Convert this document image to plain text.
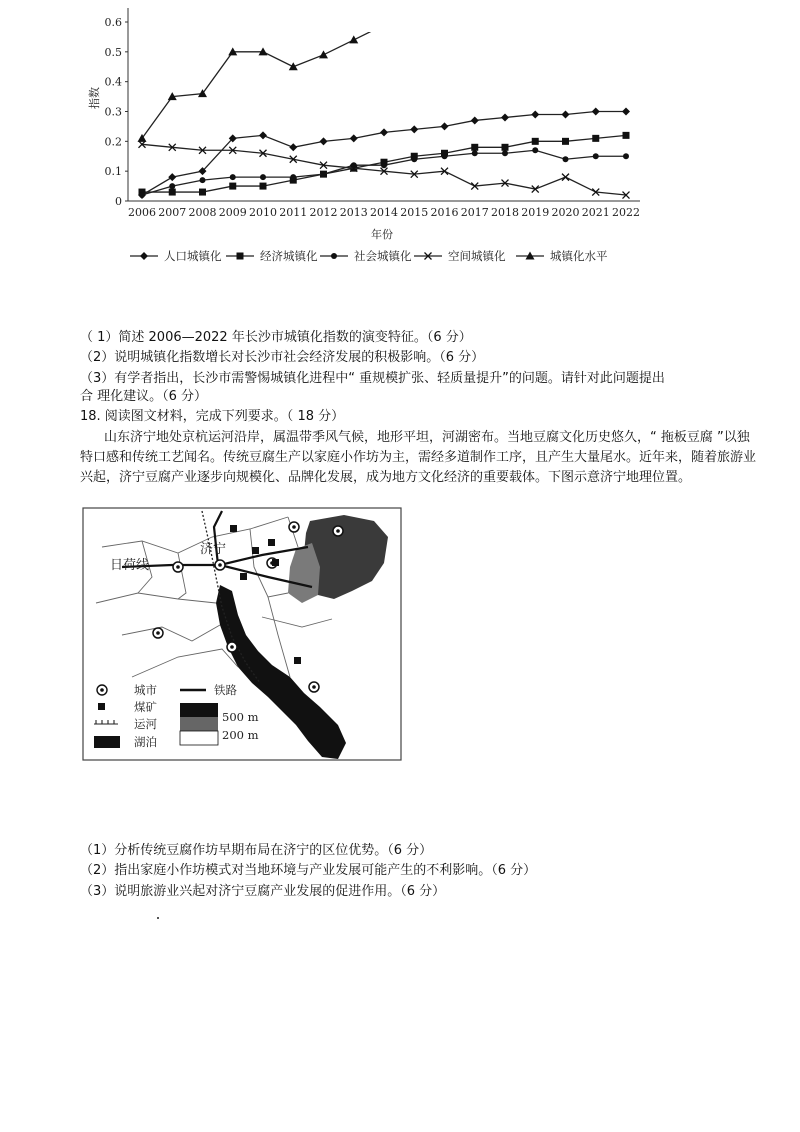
0
0.1
0.2
0.3
0.4
0.5
0.6
2006 2007 2008 2009 2010 2011 2012 2013 2014 2015 2016 2017 2018 2019 2020 2021 2022
指数
年份
人口城镇化	经济城镇化	社会城镇化	空间城镇化	城镇化水平
（ 1）简述 2006—2022 年长沙市城镇化指数的演变特征。（6 分）
（2）说明城镇化指数增长对长沙市社会经济发展的积极影响。（6 分）
（3）有学者指出，长沙市需警惕城镇化进程中“ 重规模扩张、轻质量提升”的问题。请针对此问题提出
合 理化建议。（6 分）
18. 阅读图文材料，完成下列要求。（ 18 分）

山东济宁地处京杭运河沿岸，属温带季风气候，地形平坦，河湖密布。当地豆腐文化历史悠久，“ 拖板豆腐 ”以独特口感和传统工艺闻名。传统豆腐生产以家庭小作坊为主，需经多道制作工序，且产生大量尾水。近年来，随着旅游业兴起，济宁豆腐产业逐步向规模化、品牌化发展，成为地方文化经济的重要载体。下图示意济宁地理位置。

济宁
日荷线
城市
煤矿
运河
湖泊
铁路
500 m
200 m
（1）分析传统豆腐作坊早期布局在济宁的区位优势。（6 分）
（2）指出家庭小作坊模式对当地环境与产业发展可能产生的不利影响。（6 分）
（3）说明旅游业兴起对济宁豆腐产业发展的促进作用。（6 分）
